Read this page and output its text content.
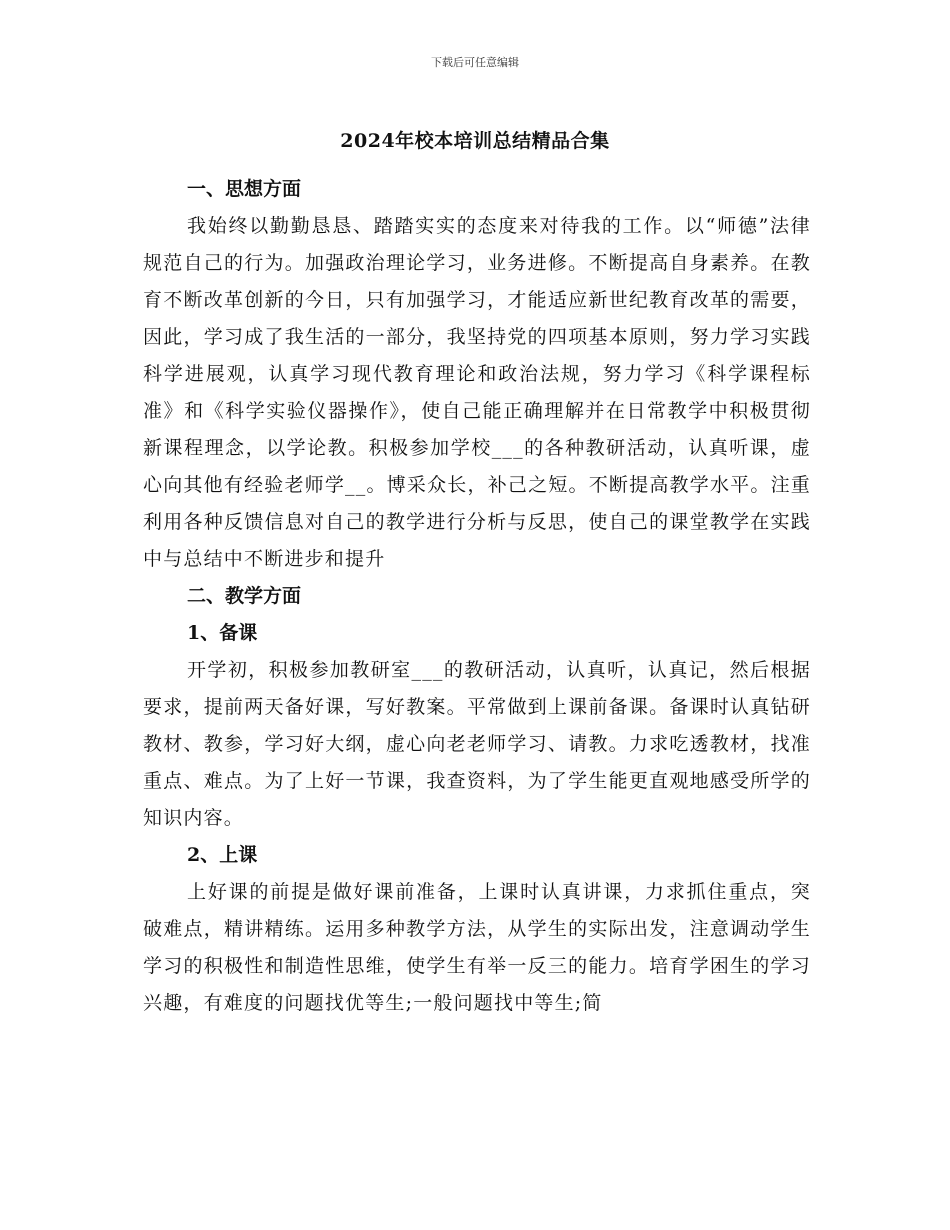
下载后可任意编辑
2024年校本培训总结精品合集

一、思想方面

我始终以勤勤恳恳、踏踏实实的态度来对待我的工作。以“师德”法律规范自己的行为。加强政治理论学习，业务进修。不断提高自身素养。在教育不断改革创新的今日，只有加强学习，才能适应新世纪教育改革的需要，因此，学习成了我生活的一部分，我坚持党的四项基本原则，努力学习实践科学进展观，认真学习现代教育理论和政治法规，努力学习《科学课程标准》和《科学实验仪器操作》，使自己能正确理解并在日常教学中积极贯彻新课程理念，以学论教。积极参加学校___的各种教研活动，认真听课，虚心向其他有经验老师学__。博采众长，补己之短。不断提高教学水平。注重利用各种反馈信息对自己的教学进行分析与反思，使自己的课堂教学在实践中与总结中不断进步和提升

二、教学方面

1、备课

开学初，积极参加教研室___的教研活动，认真听，认真记，然后根据要求，提前两天备好课，写好教案。平常做到上课前备课。备课时认真钻研教材、教参，学习好大纲，虚心向老老师学习、请教。力求吃透教材，找准重点、难点。为了上好一节课，我查资料，为了学生能更直观地感受所学的知识内容。

2、上课

上好课的前提是做好课前准备，上课时认真讲课，力求抓住重点，突破难点，精讲精练。运用多种教学方法，从学生的实际出发，注意调动学生学习的积极性和制造性思维，使学生有举一反三的能力。培育学困生的学习兴趣，有难度的问题找优等生;一般问题找中等生;简
